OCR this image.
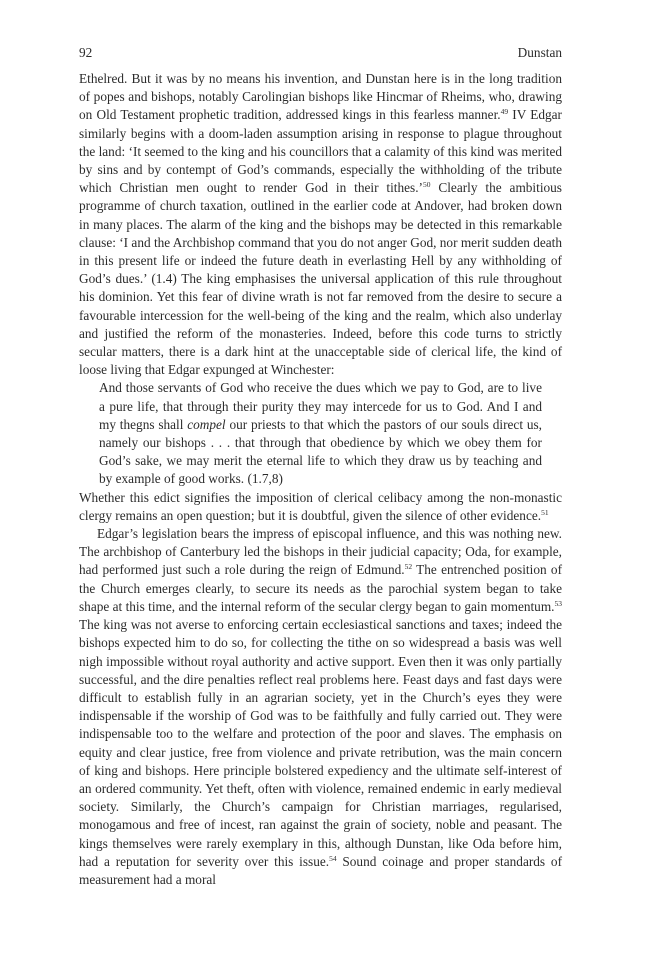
92	Dunstan

Ethelred. But it was by no means his invention, and Dunstan here is in the long tradition of popes and bishops, notably Carolingian bishops like Hincmar of Rheims, who, drawing on Old Testament prophetic tradition, addressed kings in this fearless manner.$^{49}$ IV Edgar similarly begins with a doom-laden assumption arising in response to plague throughout the land: ‘It seemed to the king and his councillors that a calamity of this kind was merited by sins and by contempt of God’s commands, especially the withholding of the tribute which Christian men ought to render God in their tithes.’$^{50}$ Clearly the ambitious programme of church taxation, outlined in the earlier code at Andover, had broken down in many places. The alarm of the king and the bishops may be detected in this remarkable clause: ‘I and the Archbishop command that you do not anger God, nor merit sudden death in this present life or indeed the future death in everlasting Hell by any withholding of God’s dues.’ (1.4) The king emphasises the universal application of this rule throughout his dominion. Yet this fear of divine wrath is not far removed from the desire to secure a favourable intercession for the well-being of the king and the realm, which also underlay and justified the reform of the monasteries. Indeed, before this code turns to strictly secular matters, there is a dark hint at the unacceptable side of clerical life, the kind of loose living that Edgar expunged at Winchester:

And those servants of God who receive the dues which we pay to God, are to live a pure life, that through their purity they may intercede for us to God. And I and my thegns shall compel our priests to that which the pastors of our souls direct us, namely our bishops . . . that through that obedience by which we obey them for God’s sake, we may merit the eternal life to which they draw us by teaching and by example of good works. (1.7,8)

Whether this edict signifies the imposition of clerical celibacy among the non-monastic clergy remains an open question; but it is doubtful, given the silence of other evidence.$^{51}$

Edgar’s legislation bears the impress of episcopal influence, and this was nothing new. The archbishop of Canterbury led the bishops in their judicial capacity; Oda, for example, had performed just such a role during the reign of Edmund.$^{52}$ The entrenched position of the Church emerges clearly, to secure its needs as the parochial system began to take shape at this time, and the internal reform of the secular clergy began to gain momentum.$^{53}$ The king was not averse to enforcing certain ecclesiastical sanctions and taxes; indeed the bishops expected him to do so, for collecting the tithe on so widespread a basis was well nigh impossible without royal authority and active support. Even then it was only partially successful, and the dire penalties reflect real problems here. Feast days and fast days were difficult to establish fully in an agrarian society, yet in the Church’s eyes they were indispensable if the worship of God was to be faithfully and fully carried out. They were indispensable too to the welfare and protection of the poor and slaves. The emphasis on equity and clear justice, free from violence and private retribution, was the main concern of king and bishops. Here principle bolstered expediency and the ultimate self-interest of an ordered community. Yet theft, often with violence, remained endemic in early medieval society. Similarly, the Church’s campaign for Christian marriages, regularised, monogamous and free of incest, ran against the grain of society, noble and peasant. The kings themselves were rarely exemplary in this, although Dunstan, like Oda before him, had a reputation for severity over this issue.$^{54}$ Sound coinage and proper standards of measurement had a moral
